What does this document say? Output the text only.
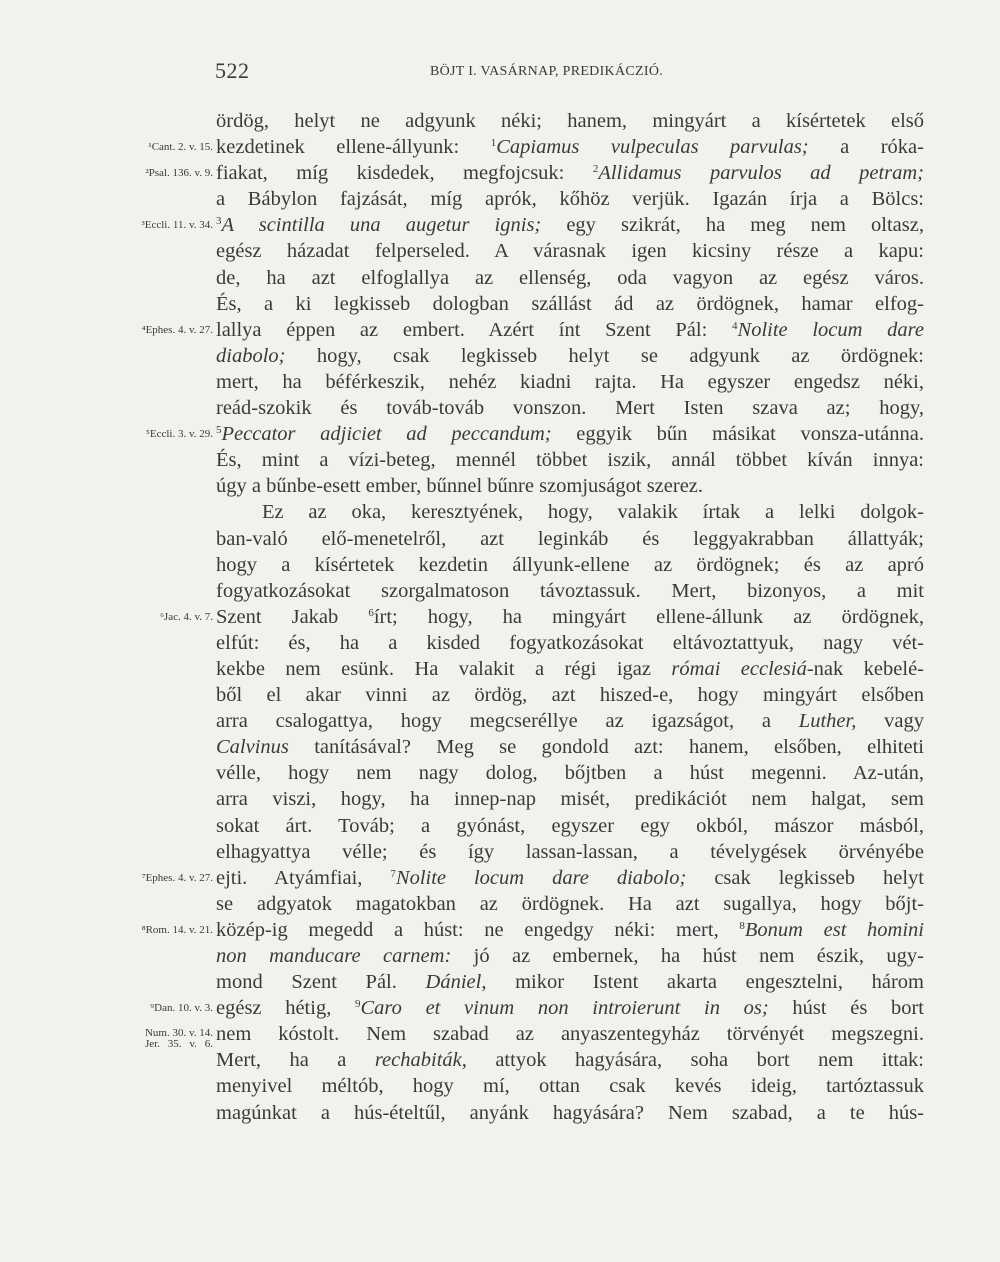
522	BÖJT I. VASÁRNAP, PREDIKÁCZIÓ.
ördög, helyt ne adgyunk néki; hanem, mingyárt a kísértetek első
¹Cant. 2. v. 15. kezdetinek ellene-állyunk: $^1$Capiamus vulpeculas parvulas; a róka-
²Psal. 136. v. 9. fiakat, míg kisdedek, megfojcsuk: $^2$Allidamus parvulos ad petram;
a Bábylon fajzását, míg aprók, kőhöz verjük. Igazán írja a Bölcs:
³Eccli. 11. v. 34. $^3$A scintilla una augetur ignis; egy szikrát, ha meg nem oltasz,
egész házadat felperseled. A várasnak igen kicsiny része a kapu:
de, ha azt elfoglallya az ellenség, oda vagyon az egész város.
És, a ki legkisseb dologban szállást ád az ördögnek, hamar elfog-
⁴Ephes. 4. v. 27. lallya éppen az embert. Azért ínt Szent Pál: $^4$Nolite locum dare
diabolo; hogy, csak legkisseb helyt se adgyunk az ördögnek:
mert, ha béférkeszik, nehéz kiadni rajta. Ha egyszer engedsz néki,
reád-szokik és továb-továb vonszon. Mert Isten szava az; hogy,
⁵Eccli. 3. v. 29. $^5$Peccator adjiciet ad peccandum; eggyik bűn másikat vonsza-utánna.
És, mint a vízi-beteg, mennél többet iszik, annál többet kíván innya:
úgy a bűnbe-esett ember, bűnnel bűnre szomjuságot szerez.
Ez az oka, keresztyének, hogy, valakik írtak a lelki dolgok-
ban-való elő-menetelről, azt leginkáb és leggyakrabban állattyák;
hogy a kísértetek kezdetin állyunk-ellene az ördögnek; és az apró
fogyatkozásokat szorgalmatoson távoztassuk. Mert, bizonyos, a mit
⁶Jac. 4. v. 7. Szent Jakab $^6$írt; hogy, ha mingyárt ellene-állunk az ördögnek,
elfút: és, ha a kisded fogyatkozásokat eltávoztattyuk, nagy vét-
kekbe nem esünk. Ha valakit a régi igaz római ecclesiá-nak kebelé-
ből el akar vinni az ördög, azt hiszed-e, hogy mingyárt elsőben
arra csalogattya, hogy megcseréllye az igazságot, a Luther, vagy
Calvinus tanításával? Meg se gondold azt: hanem, elsőben, elhiteti
vélle, hogy nem nagy dolog, bőjtben a húst megenni. Az-után,
arra viszi, hogy, ha innep-nap misét, predikációt nem halgat, sem
sokat árt. Továb; a gyónást, egyszer egy okból, mászor másból,
elhagyattya vélle; és így lassan-lassan, a tévelygések örvényébe
⁷Ephes. 4. v. 27. ejti. Atyámfiai, $^7$Nolite locum dare diabolo; csak legkisseb helyt
se adgyatok magatokban az ördögnek. Ha azt sugallya, hogy bőjt-
⁸Rom. 14. v. 21. közép-ig megedd a húst: ne engedgy néki: mert, $^8$Bonum est homini
non manducare carnem: jó az embernek, ha húst nem észik, ugy-
mond Szent Pál. Dániel, mikor Istent akarta engesztelni, három
⁹Dan. 10. v. 3. egész hétig, $^9$Caro et vinum non introierunt in os; húst és bort
Num. 30. v. 14.
Jer. 35. v. 6. nem kóstolt. Nem szabad az anyaszentegyház törvényét megszegni.
Mert, ha a rechabiták, attyok hagyására, soha bort nem ittak:
menyivel méltób, hogy mí, ottan csak kevés ideig, tartóztassuk
magúnkat a hús-ételtűl, anyánk hagyására? Nem szabad, a te hús-
